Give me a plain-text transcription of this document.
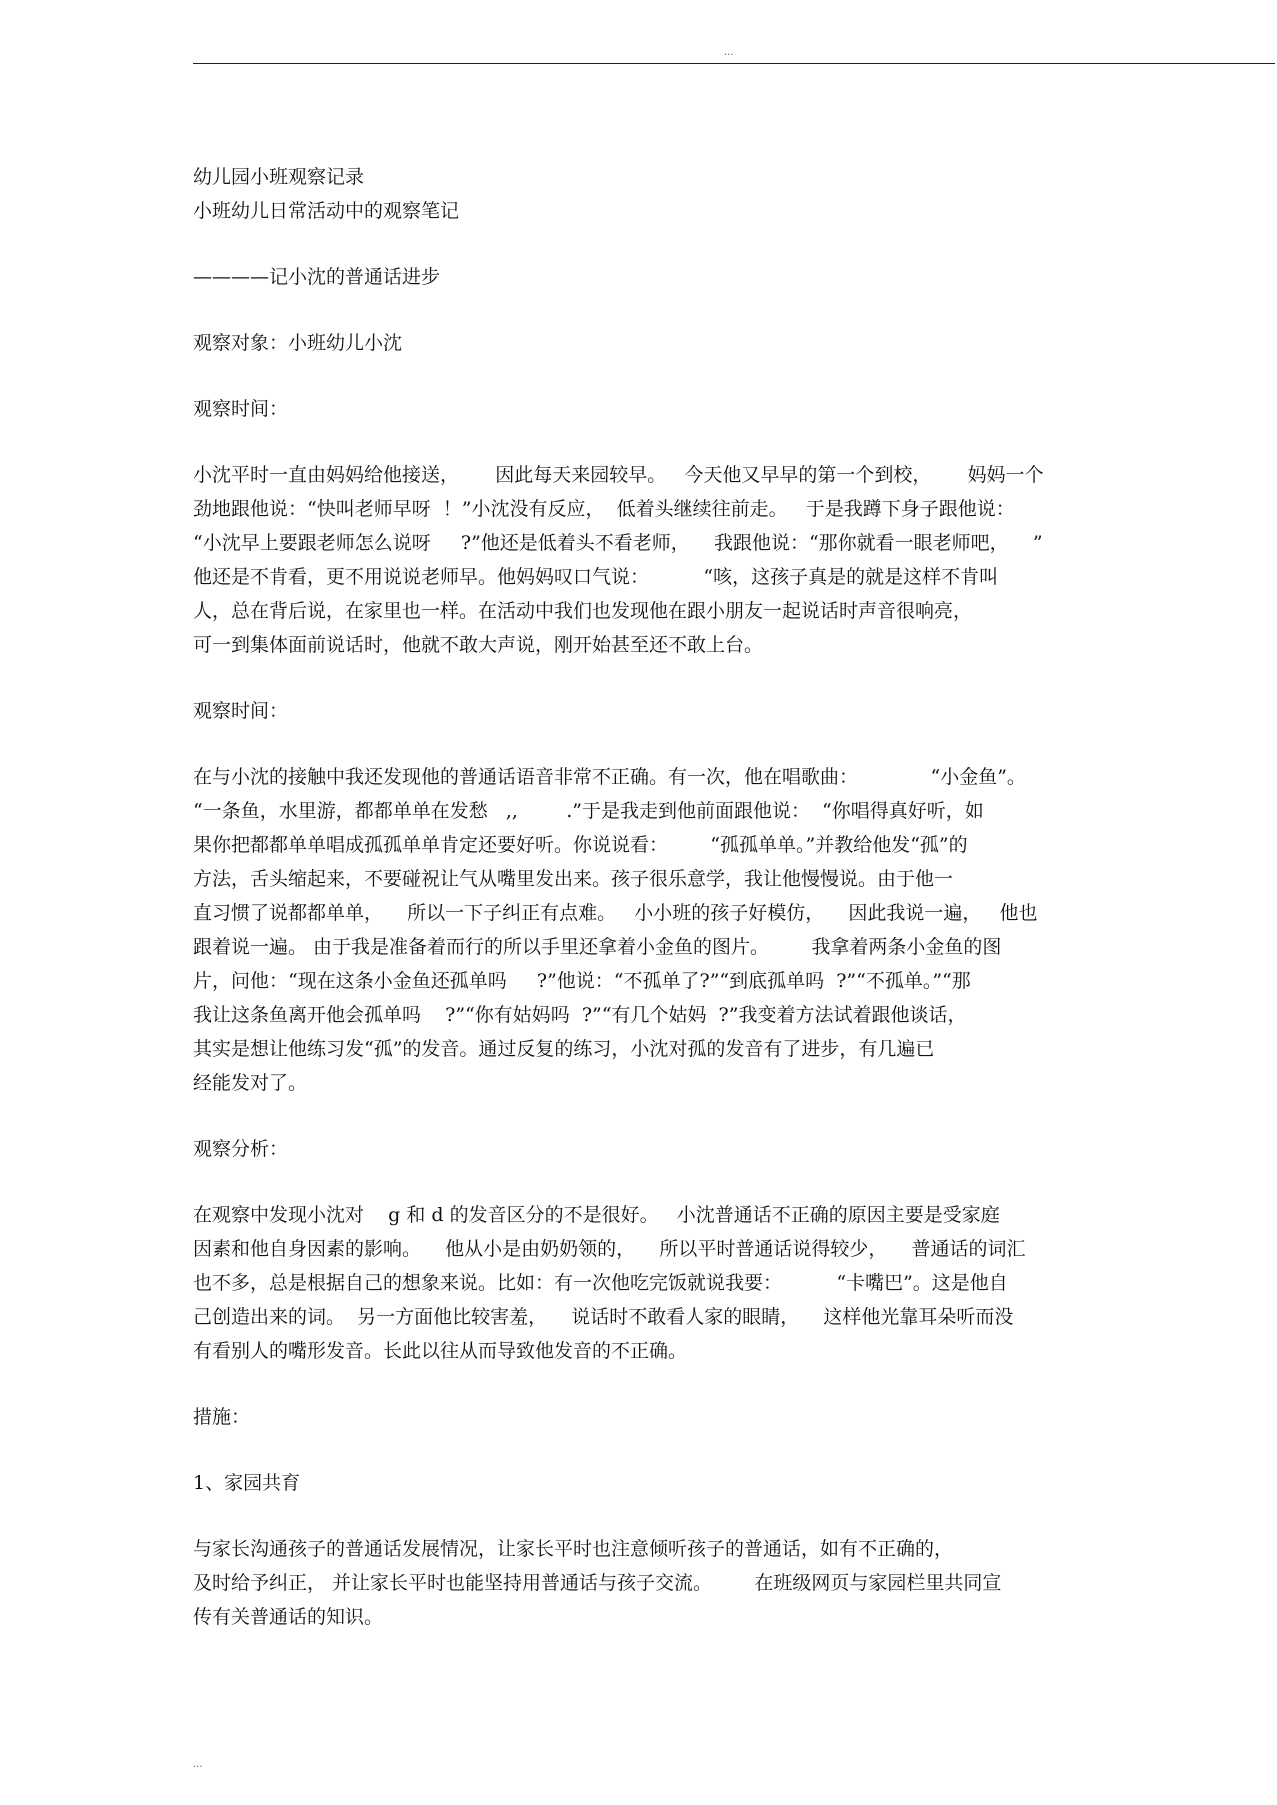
...
幼儿园小班观察记录
小班幼儿日常活动中的观察笔记
————记小沈的普通话进步
观察对象：小班幼儿小沈
观察时间：
小沈平时一直由妈妈给他接送，      因此每天来园较早。   今天他又早早的第一个到校，      妈妈一个
劲地跟他说：“快叫老师早呀  ！”小沈没有反应，  低着头继续往前走。   于是我蹲下身子跟他说：
“小沈早上要跟老师怎么说呀     ?”他还是低着头不看老师，    我跟他说：“那你就看一眼老师吧，    ”
他还是不肯看，更不用说说老师早。他妈妈叹口气说：         “咳，这孩子真是的就是这样不肯叫
人，总在背后说，在家里也一样。在活动中我们也发现他在跟小朋友一起说话时声音很响亮，
可一到集体面前说话时，他就不敢大声说，刚开始甚至还不敢上台。
观察时间：
在与小沈的接触中我还发现他的普通话语音非常不正确。有一次，他在唱歌曲：            “小金鱼”。
“一条鱼，水里游，都都单单在发愁   ,,        .”于是我走到他前面跟他说：  “你唱得真好听，如
果你把都都单单唱成孤孤单单肯定还要好听。你说说看：       “孤孤单单。”并教给他发“孤”的
方法，舌头缩起来，不要碰祝让气从嘴里发出来。孩子很乐意学，我让他慢慢说。由于他一
直习惯了说都都单单，    所以一下子纠正有点难。   小小班的孩子好模仿，    因此我说一遍，   他也
跟着说一遍。 由于我是准备着而行的所以手里还拿着小金鱼的图片。       我拿着两条小金鱼的图
片，问他：“现在这条小金鱼还孤单吗     ?”他说：“不孤单了?”“到底孤单吗  ?”“不孤单。”“那
我让这条鱼离开他会孤单吗    ?”“你有姑妈吗  ?”“有几个姑妈  ?”我变着方法试着跟他谈话，
其实是想让他练习发“孤”的发音。通过反复的练习，小沈对孤的发音有了进步，有几遍已
经能发对了。
观察分析：
在观察中发现小沈对    g 和 d 的发音区分的不是很好。   小沈普通话不正确的原因主要是受家庭
因素和他自身因素的影响。    他从小是由奶奶领的，    所以平时普通话说得较少，    普通话的词汇
也不多，总是根据自己的想象来说。比如：有一次他吃完饭就说我要：         “卡嘴巴”。这是他自
己创造出来的词。  另一方面他比较害羞，    说话时不敢看人家的眼睛，    这样他光靠耳朵听而没
有看别人的嘴形发音。长此以往从而导致他发音的不正确。
措施：
1、家园共育
与家长沟通孩子的普通话发展情况，让家长平时也注意倾听孩子的普通话，如有不正确的，
及时给予纠正， 并让家长平时也能坚持用普通话与孩子交流。       在班级网页与家园栏里共同宣
传有关普通话的知识。
...
